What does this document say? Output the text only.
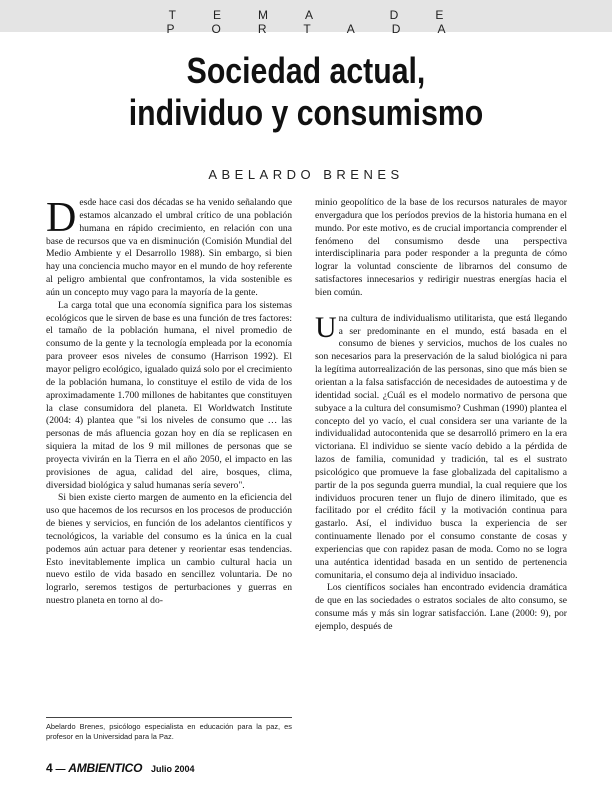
TEMA DE PORTADA
Sociedad actual,
individuo y consumismo
ABELARDO BRENES

Desde hace casi dos décadas se ha venido señalando que estamos alcanzado el umbral crítico de una población humana en rápido crecimiento, en relación con una base de recursos que va en disminución (Comisión Mundial del Medio Ambiente y el Desarrollo 1988). Sin embargo, si bien hay una conciencia mucho mayor en el mundo de hoy referente al peligro ambiental que confrontamos, la vida sostenible es aún un concepto muy vago para la mayoría de la gente.

La carga total que una economía significa para los sistemas ecológicos que le sirven de base es una función de tres factores: el tamaño de la población humana, el nivel promedio de consumo de la gente y la tecnología empleada por la economía para proveer esos niveles de consumo (Harrison 1992). El mayor peligro ecológico, igualado quizá solo por el crecimiento de la población humana, lo constituye el estilo de vida de los aproximadamente 1.700 millones de habitantes que constituyen la clase consumidora del planeta. El Worldwatch Institute (2004: 4) plantea que "si los niveles de consumo que … las personas de más afluencia gozan hoy en día se replicasen en siquiera la mitad de los 9 mil millones de personas que se proyecta vivirán en la Tierra en el año 2050, el impacto en las provisiones de agua, calidad del aire, bosques, clima, diversidad biológica y salud humanas sería severo".

Si bien existe cierto margen de aumento en la eficiencia del uso que hacemos de los recursos en los procesos de producción de bienes y servicios, en función de los adelantos científicos y tecnológicos, la variable del consumo es la única en la cual podemos aún actuar para detener y reorientar esas tendencias. Esto inevitablemente implica un cambio cultural hacia un nuevo estilo de vida basado en sencillez voluntaria. De no lograrlo, seremos testigos de perturbaciones y guerras en nuestro planeta en torno al do-

minio geopolítico de la base de los recursos naturales de mayor envergadura que los períodos previos de la historia humana en el mundo. Por este motivo, es de crucial importancia comprender el fenómeno del consumismo desde una perspectiva interdisciplinaria para poder responder a la pregunta de cómo lograr la voluntad consciente de librarnos del consumo de satisfactores innecesarios y redirigir nuestras energías hacia el bien común.

Una cultura de individualismo utilitarista, que está llegando a ser predominante en el mundo, está basada en el consumo de bienes y servicios, muchos de los cuales no son necesarios para la preservación de la salud biológica ni para la legítima autorrealización de las personas, sino que más bien se orientan a la falsa satisfacción de necesidades de autoestima y de identidad social. ¿Cuál es el modelo normativo de persona que subyace a la cultura del consumismo? Cushman (1990) plantea el concepto del yo vacío, el cual considera ser una variante de la individualidad autocontenida que se desarrolló primero en la era victoriana. El individuo se siente vacío debido a la pérdida de lazos de familia, comunidad y tradición, tal es el sustrato psicológico que promueve la fase globalizada del capitalismo a partir de la pos segunda guerra mundial, la cual requiere que los individuos procuren tener un flujo de dinero ilimitado, que es facilitado por el crédito fácil y la motivación continua para gastarlo. Así, el individuo busca la experiencia de ser continuamente llenado por el consumo constante de cosas y experiencias que con rapidez pasan de moda. Como no se logra una auténtica identidad basada en un sentido de pertenencia comunitaria, el consumo deja al individuo insaciado.

Los científicos sociales han encontrado evidencia dramática de que en las sociedades o estratos sociales de alto consumo, se consume más y más sin lograr satisfacción. Lane (2000: 9), por ejemplo, después de

Abelardo Brenes, psicólogo especialista en educación para la paz, es profesor en la Universidad para la Paz.
4 — AMBIENTICO Julio 2004
